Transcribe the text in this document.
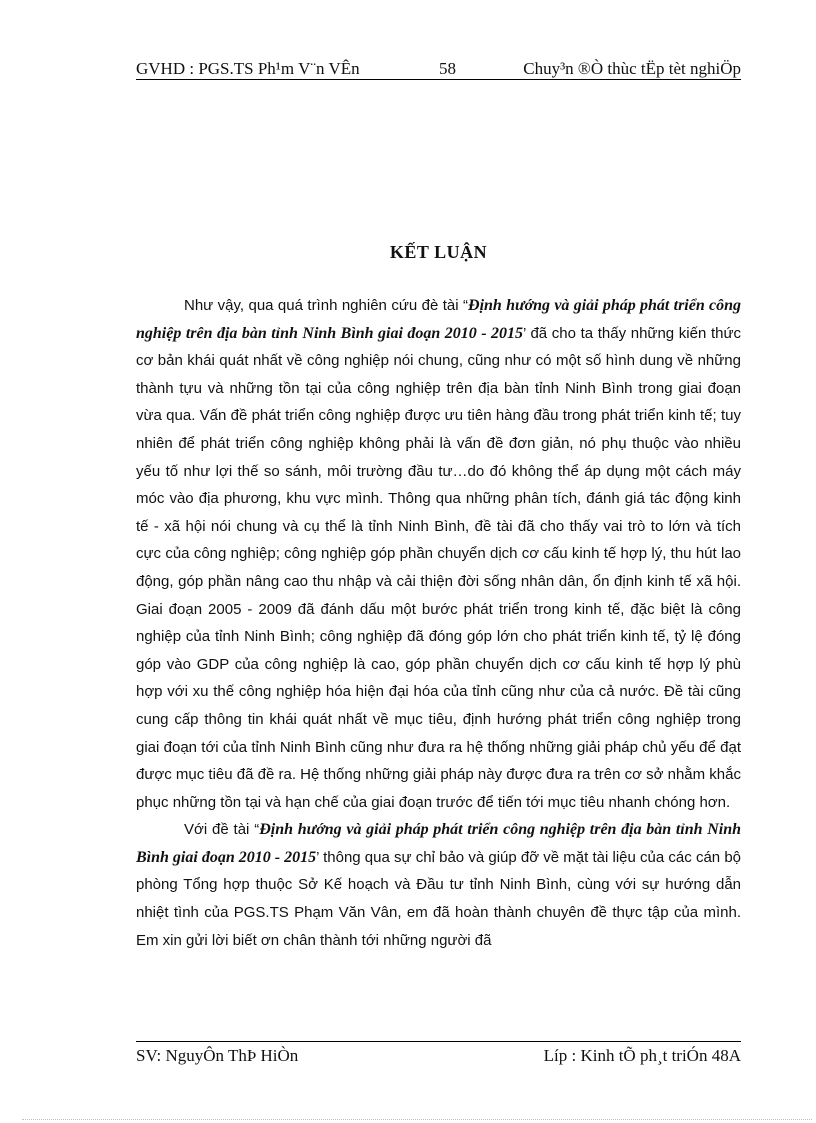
GVHD : PGS.TS Ph¹m V¨n VÊn	58	Chuy³n ®Ò thùc tËp tèt nghiÖp
KẾT LUẬN

Như vậy, qua quá trình nghiên cứu đè tài “Định hướng và giải pháp phát triển công nghiệp trên địa bàn tỉnh Ninh Bình giai đoạn 2010 - 2015’ đã cho ta thấy những kiến thức cơ bản khái quát nhất về công nghiệp nói chung, cũng như có một số hình dung về những thành tựu và những tồn tại của công nghiệp trên địa bàn tỉnh Ninh Bình trong giai đoạn vừa qua. Vấn đề phát triển công nghiệp được ưu tiên hàng đầu trong phát triển kinh tế; tuy nhiên để phát triển công nghiệp không phải là vấn đề đơn giản, nó phụ thuộc vào nhiều yếu tố như lợi thế so sánh, môi trường đầu tư…do đó không thể áp dụng một cách máy móc vào địa phương, khu vực mình. Thông qua những phân tích, đánh giá tác động kinh tế - xã hội nói chung và cụ thể là tỉnh Ninh Bình, đề tài đã cho thấy vai trò to lớn và tích cực của công nghiệp; công nghiệp góp phần chuyển dịch cơ cấu kinh tế hợp lý, thu hút lao động, góp phần nâng cao thu nhập và cải thiện đời sống nhân dân, ổn định kinh tế xã hội. Giai đoạn 2005 - 2009 đã đánh dấu một bước phát triển trong kinh tế, đặc biệt là công nghiệp của tỉnh Ninh Bình; công nghiệp đã đóng góp lớn cho phát triển kinh tế, tỷ lệ đóng góp vào GDP của công nghiệp là cao, góp phần chuyển dịch cơ cấu kinh tế hợp lý phù hợp với xu thế công nghiệp hóa hiện đại hóa của tỉnh cũng như của cả nước. Đề tài cũng cung cấp thông tin khái quát nhất về mục tiêu, định hướng phát triển công nghiệp trong giai đoạn tới của tỉnh Ninh Bình cũng như đưa ra hệ thống những giải pháp chủ yếu để đạt được mục tiêu đã đề ra. Hệ thống những giải pháp này được đưa ra trên cơ sở nhằm khắc phục những tồn tại và hạn chế của giai đoạn trước để tiến tới mục tiêu nhanh chóng hơn.

Với đề tài “Định hướng và giải pháp phát triển công nghiệp trên địa bàn tỉnh Ninh Bình giai đoạn 2010 - 2015’ thông qua sự chỉ bảo và giúp đỡ về mặt tài liệu của các cán bộ phòng Tổng hợp thuộc Sở Kế hoạch và Đầu tư tỉnh Ninh Bình, cùng với sự hướng dẫn nhiệt tình của PGS.TS Phạm Văn Vân, em đã hoàn thành chuyên đề thực tập của mình. Em xin gửi lời biết ơn chân thành tới những người đã

SV: NguyÔn ThÞ HiÒn	Líp : Kinh tÕ ph¸t triÓn 48A
